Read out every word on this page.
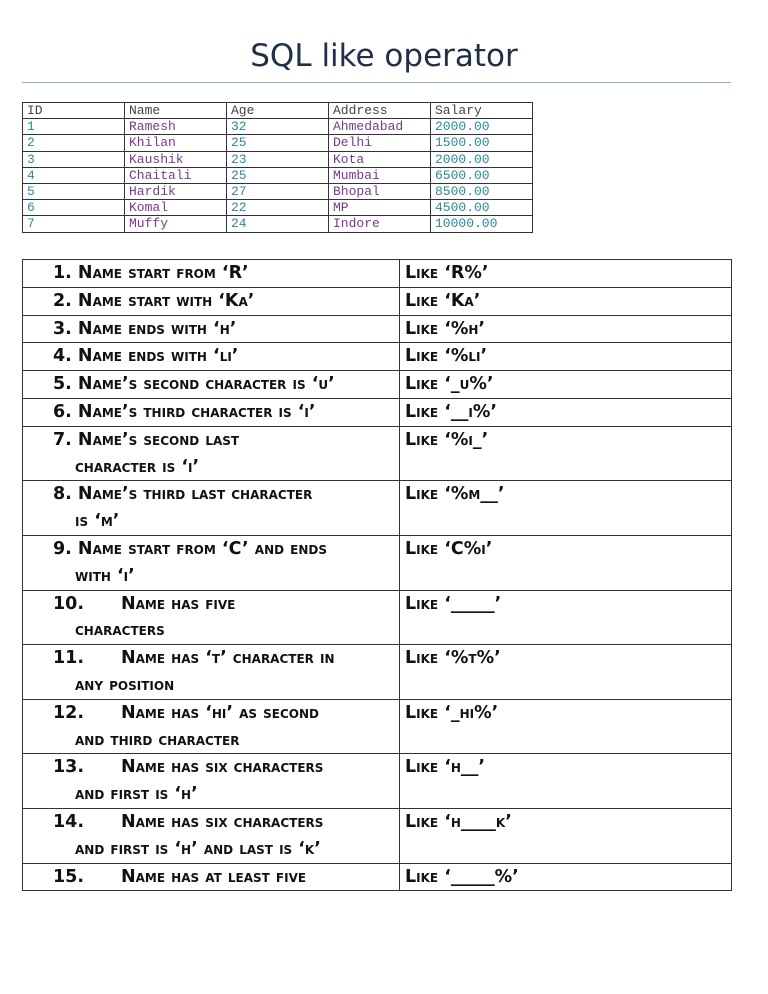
SQL like operator
ID	Name	Age	Address	Salary
1	Ramesh	32	Ahmedabad	2000.00
2	Khilan	25	Delhi	1500.00
3	Kaushik	23	Kota	2000.00
4	Chaitali	25	Mumbai	6500.00
5	Hardik	27	Bhopal	8500.00
6	Komal	22	MP	4500.00
7	Muffy	24	Indore	10000.00
1. Name start from ‘R’	Like ‘R%’

2. Name start with ‘Ka’	Like ‘Ka’

3. Name ends with ‘h’	Like ‘%h’

4. Name ends with ‘li’	Like ‘%li’

5. Name’s second character is ‘u’	Like ‘_u%’

6. Name’s third character is ‘i’	Like ‘__i%’

7. Name’s second last
character is ‘i’	Like ‘%i_’

8. Name’s third last character
is ‘m’	Like ‘%m__’

9. Name start from ‘C’ and ends
with ‘i’	Like ‘C%i’

10. Name has five
characters	Like ‘_____’

11. Name has ‘t’ character in
any position	Like ‘%t%’

12. Name has ‘hi’ as second
and third character	Like ‘_hi%’

13. Name has six characters
and first is ‘h’	Like ‘h__’

14. Name has six characters
and first is ‘h’ and last is ‘k’	Like ‘h____k’

15. Name has at least five	Like ‘_____%’
